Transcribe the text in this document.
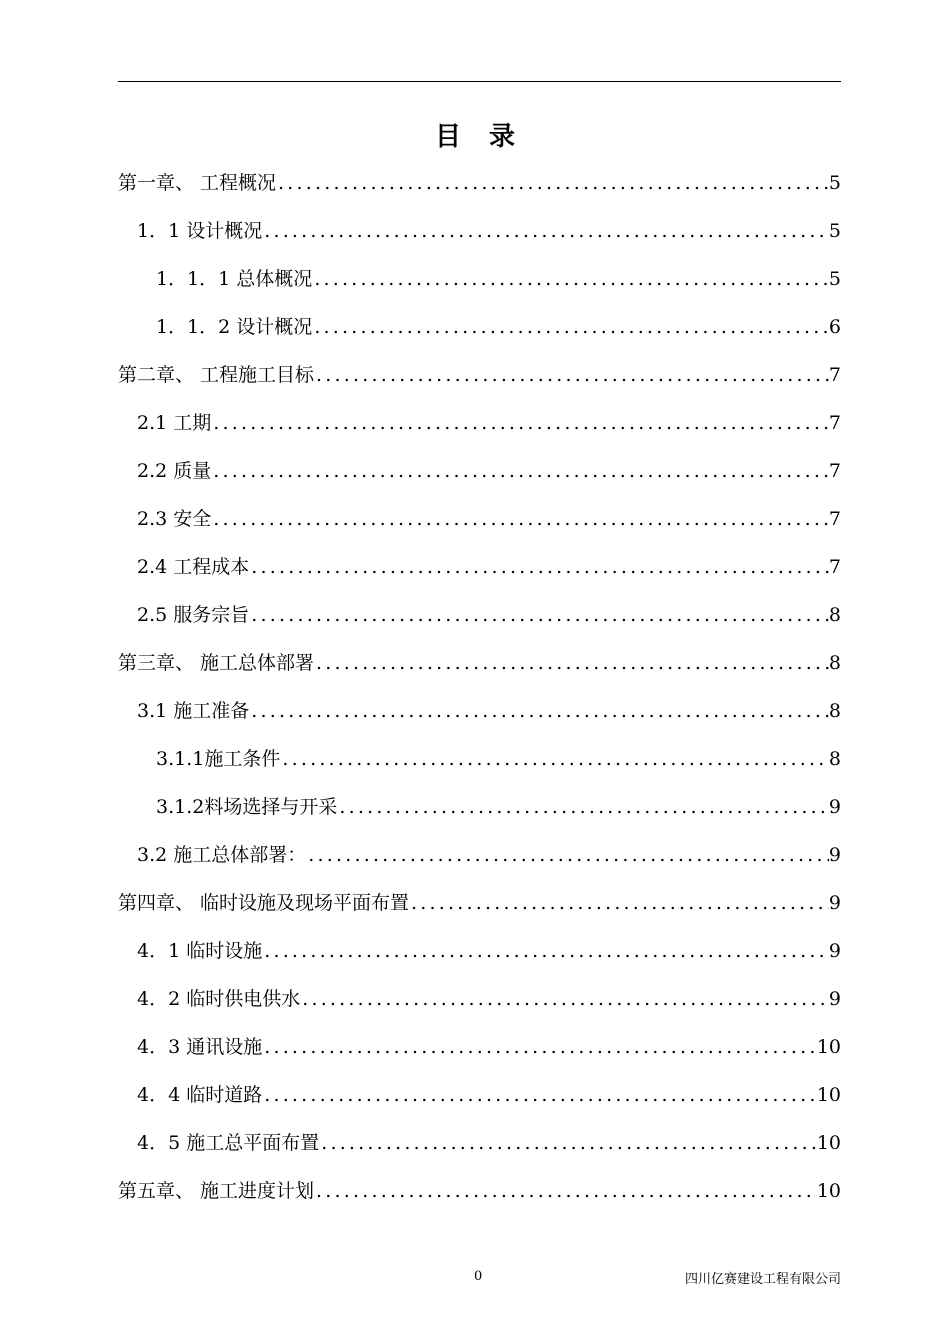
目 录
第一章、 工程概况 .....	5
1．1 设计概况 .....	5
1．1．1 总体概况 .....	5
1．1．2 设计概况 .....	6
第二章、 工程施工目标 .....	7
2.1 工期 .....	7
2.2 质量 .....	7
2.3 安全 .....	7
2.4 工程成本 .....	7
2.5 服务宗旨 .....	8
第三章、 施工总体部署 .....	8
3.1 施工准备 .....	8
3.1.1施工条件 .....	8
3.1.2料场选择与开采 .....	9
3.2 施工总体部署： .....	9
第四章、 临时设施及现场平面布置 .....	9
4．1 临时设施 .....	9
4．2 临时供电供水 .....	9
4．3 通讯设施 .....	10
4．4 临时道路 .....	10
4．5 施工总平面布置 .....	10
第五章、 施工进度计划 .....	10
0	四川亿赛建设工程有限公司
